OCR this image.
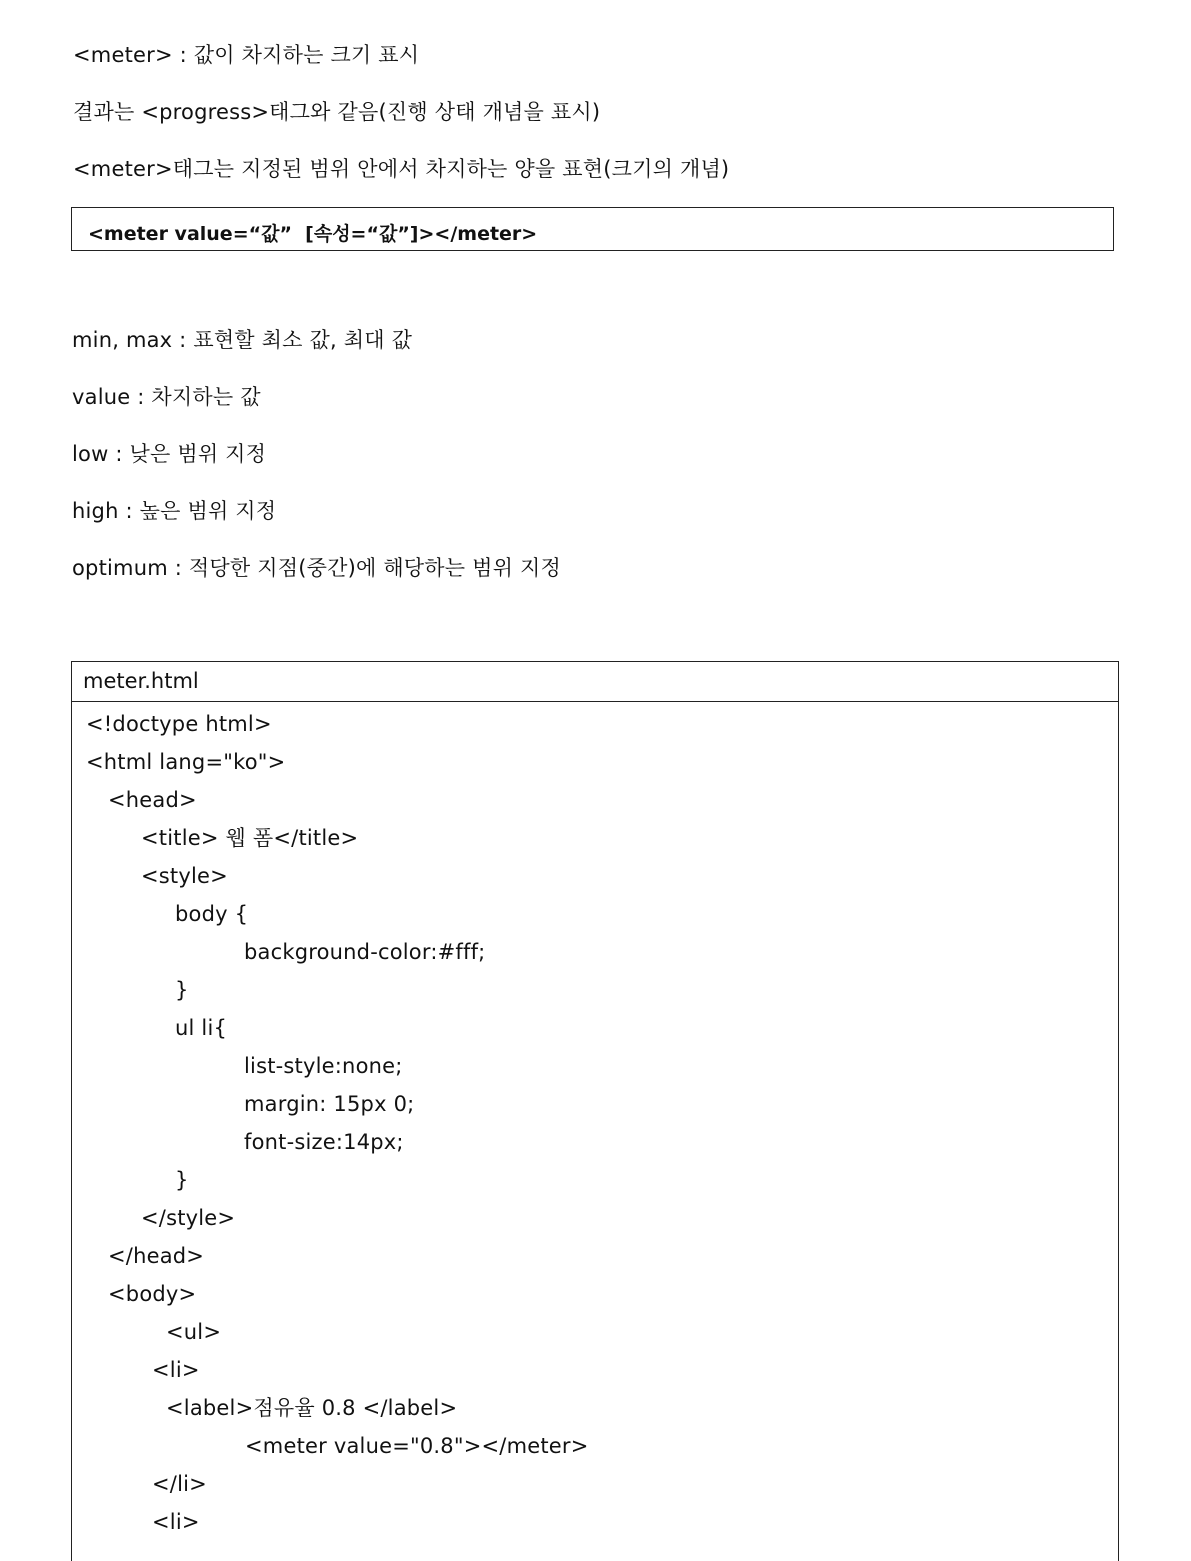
<meter> : 값이 차지하는 크기 표시
결과는 <progress>태그와 같음(진행 상태 개념을 표시)
<meter>태그는 지정된 범위 안에서 차지하는 양을 표현(크기의 개념)
<meter value=“값”  [속성=“값”]></meter>
min, max : 표현할 최소 값, 최대 값
value : 차지하는 값
low : 낮은 범위 지정
high : 높은 범위 지정
optimum : 적당한 지점(중간)에 해당하는 범위 지정
meter.html
<!doctype html>
<html lang="ko">
<head>
<title> 웹 폼</title>
<style>
body {
background-color:#fff;
}
ul li{
list-style:none;
margin: 15px 0;
font-size:14px;
}
</style>
</head>
<body>
<ul>
<li>
<label>점유율 0.8 </label>
<meter value="0.8"></meter>
</li>
<li>
